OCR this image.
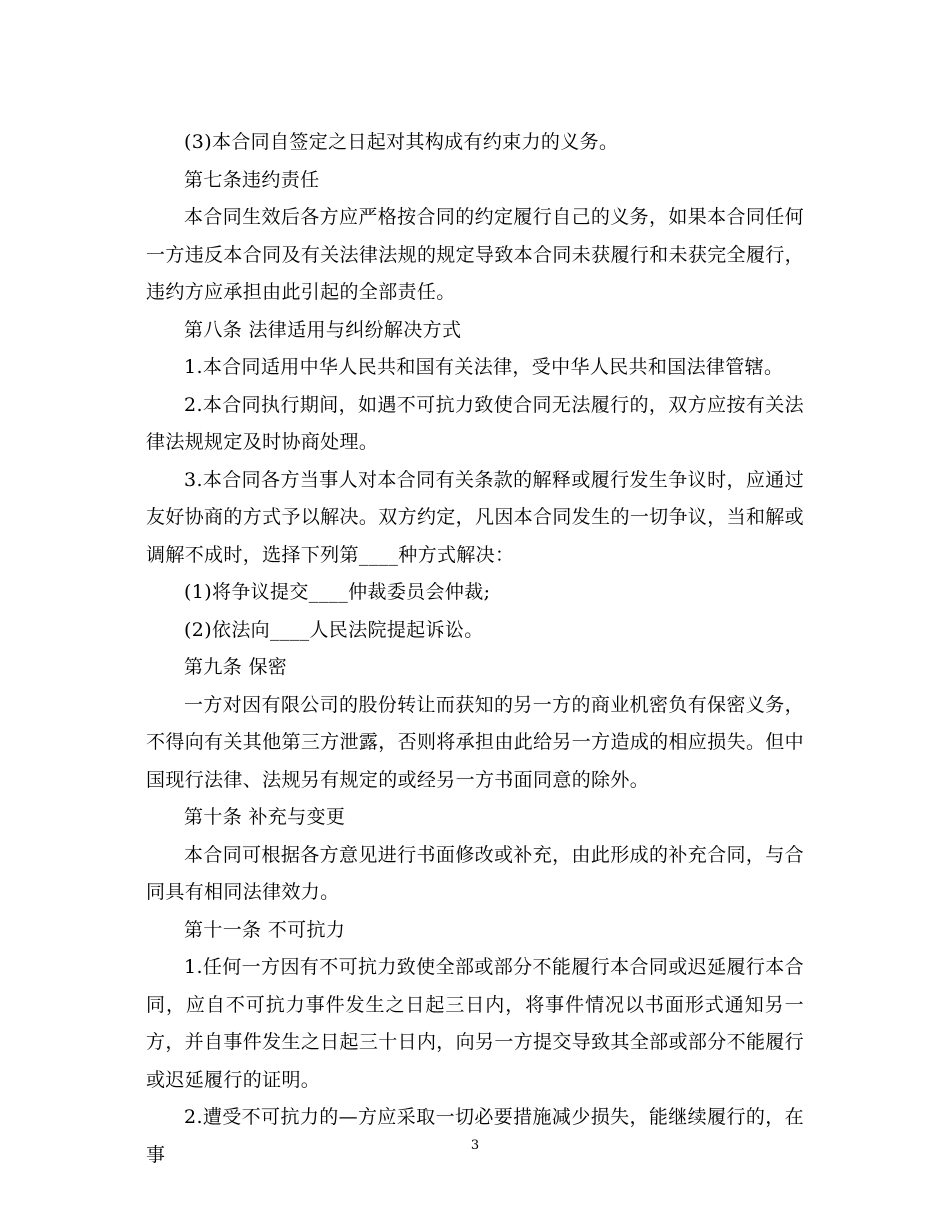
(3)本合同自签定之日起对其构成有约束力的义务。

第七条违约责任

本合同生效后各方应严格按合同的约定履行自己的义务，如果本合同任何一方违反本合同及有关法律法规的规定导致本合同未获履行和未获完全履行，违约方应承担由此引起的全部责任。

第八条 法律适用与纠纷解决方式

1.本合同适用中华人民共和国有关法律，受中华人民共和国法律管辖。

2.本合同执行期间，如遇不可抗力致使合同无法履行的，双方应按有关法律法规规定及时协商处理。

3.本合同各方当事人对本合同有关条款的解释或履行发生争议时，应通过友好协商的方式予以解决。双方约定，凡因本合同发生的一切争议，当和解或调解不成时，选择下列第____种方式解决：

(1)将争议提交____仲裁委员会仲裁;

(2)依法向____人民法院提起诉讼。

第九条 保密

一方对因有限公司的股份转让而获知的另一方的商业机密负有保密义务，不得向有关其他第三方泄露，否则将承担由此给另一方造成的相应损失。但中国现行法律、法规另有规定的或经另一方书面同意的除外。

第十条 补充与变更

本合同可根据各方意见进行书面修改或补充，由此形成的补充合同，与合同具有相同法律效力。

第十一条 不可抗力

1.任何一方因有不可抗力致使全部或部分不能履行本合同或迟延履行本合同，应自不可抗力事件发生之日起三日内，将事件情况以书面形式通知另一方，并自事件发生之日起三十日内，向另一方提交导致其全部或部分不能履行或迟延履行的证明。

2.遭受不可抗力的—方应采取一切必要措施减少损失，能继续履行的，在事	3
